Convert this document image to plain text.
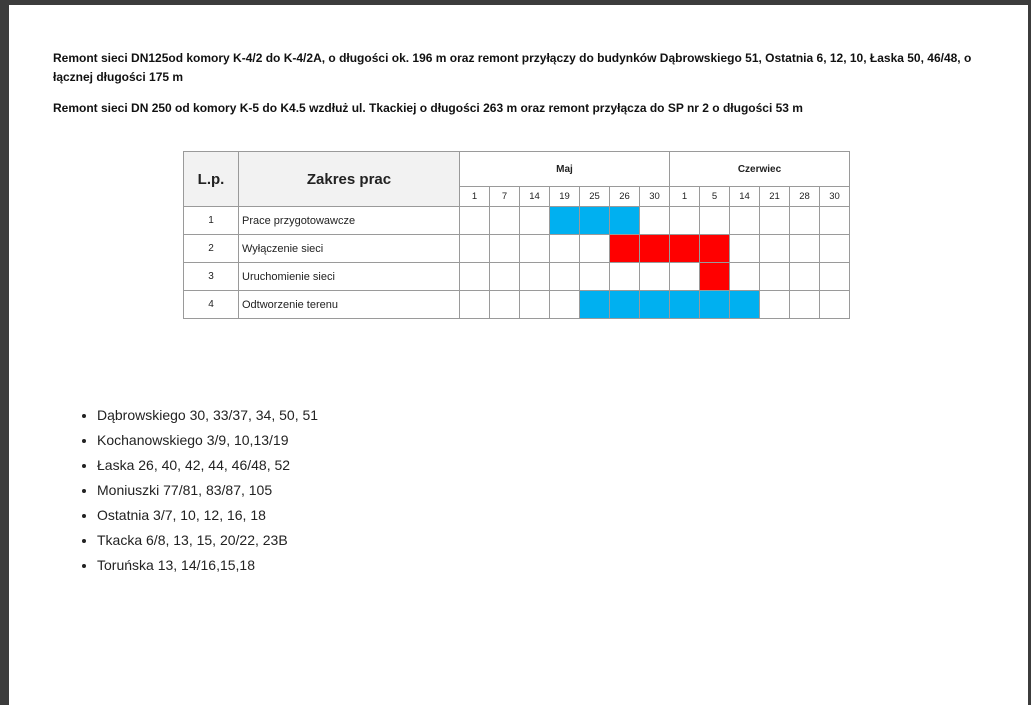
Remont sieci DN125od komory K-4/2 do K-4/2A, o długości ok. 196 m oraz remont przyłączy do budynków Dąbrowskiego 51, Ostatnia 6, 12, 10, Łaska 50, 46/48, o łącznej długości 175 m
Remont sieci DN 250 od komory K-5 do K4.5 wzdłuż ul. Tkackiej o długości 263 m oraz remont przyłącza do SP nr 2 o długości 53 m
L.p.	Zakres prac	Maj							Czerwiec					
		1	7	14	19	25	26	30	1	5	14	21	28	30
1	Prace przygotowawcze													
2	Wyłączenie sieci													
3	Uruchomienie sieci													
4	Odtworzenie terenu													
• Dąbrowskiego 30, 33/37, 34, 50, 51
• Kochanowskiego 3/9, 10,13/19
• Łaska 26, 40, 42, 44, 46/48, 52
• Moniuszki 77/81, 83/87, 105
• Ostatnia 3/7, 10, 12, 16, 18
• Tkacka 6/8, 13, 15, 20/22, 23B
• Toruńska 13, 14/16,15,18
